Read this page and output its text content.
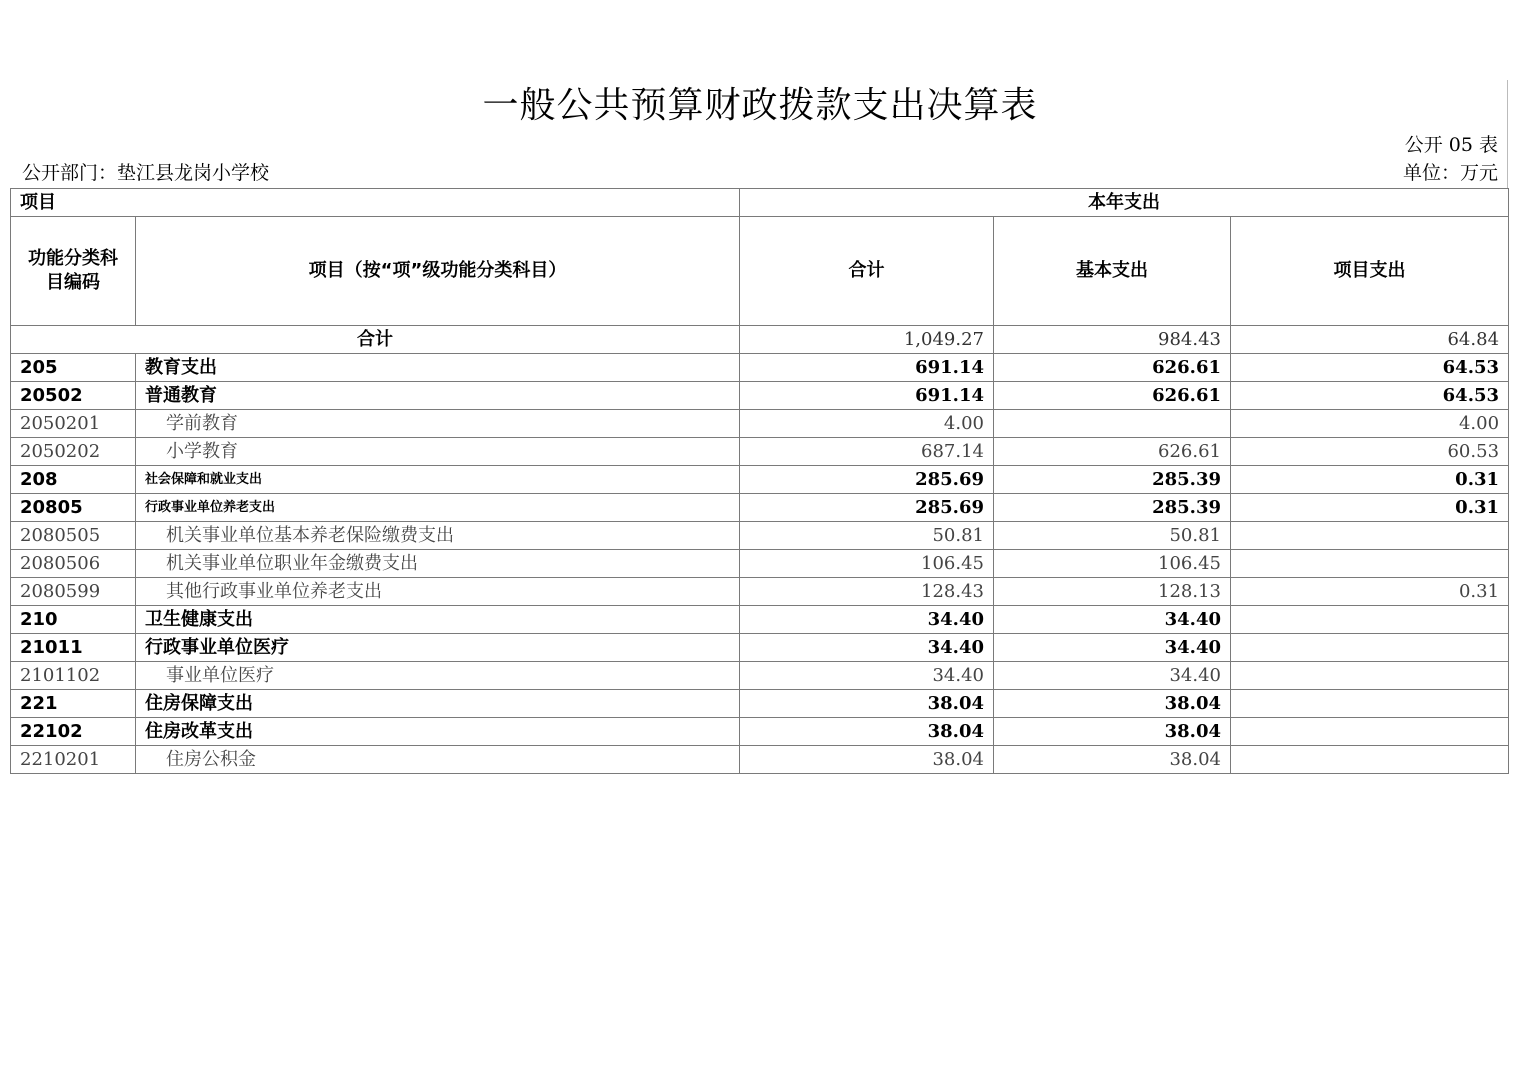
一般公共预算财政拨款支出决算表
公开 05 表
公开部门：垫江县龙岗小学校	单位：万元
项目		本年支出		
功能分类科目编码	项目（按“项”级功能分类科目）	合计	基本支出	项目支出
合计		1,049.27	984.43	64.84
205	教育支出	691.14	626.61	64.53
20502	普通教育	691.14	626.61	64.53
2050201	学前教育	4.00		4.00
2050202	小学教育	687.14	626.61	60.53
208	社会保障和就业支出	285.69	285.39	0.31
20805	行政事业单位养老支出	285.69	285.39	0.31
2080505	机关事业单位基本养老保险缴费支出	50.81	50.81	
2080506	机关事业单位职业年金缴费支出	106.45	106.45	
2080599	其他行政事业单位养老支出	128.43	128.13	0.31
210	卫生健康支出	34.40	34.40	
21011	行政事业单位医疗	34.40	34.40	
2101102	事业单位医疗	34.40	34.40	
221	住房保障支出	38.04	38.04	
22102	住房改革支出	38.04	38.04	
2210201	住房公积金	38.04	38.04	
